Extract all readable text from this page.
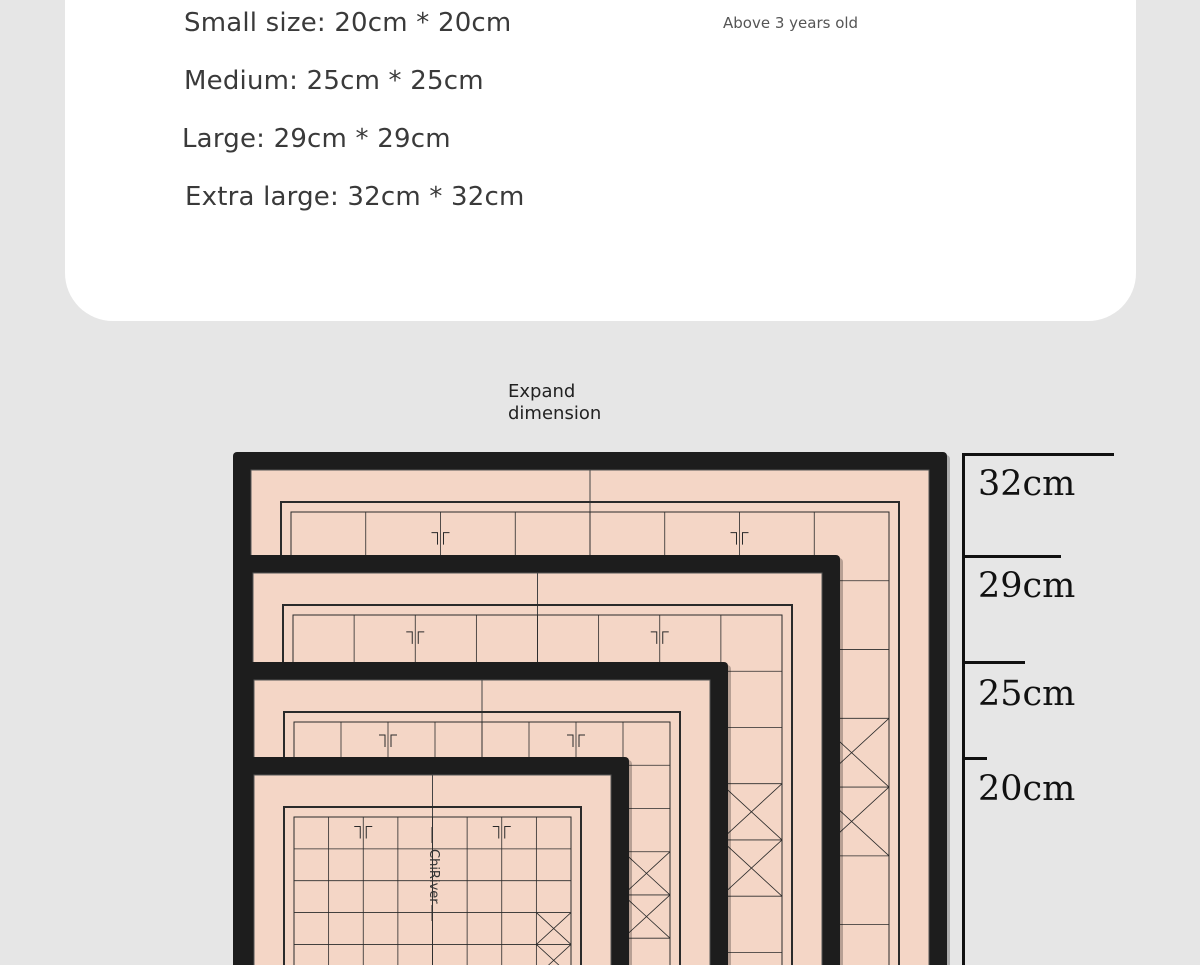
Small size: 20cm * 20cm
Medium: 25cm * 25cm
Large: 29cm * 29cm
Extra large: 32cm * 32cm
Above 3 years old
Expand
dimension
ChiRiver
32cm
29cm
25cm
20cm
